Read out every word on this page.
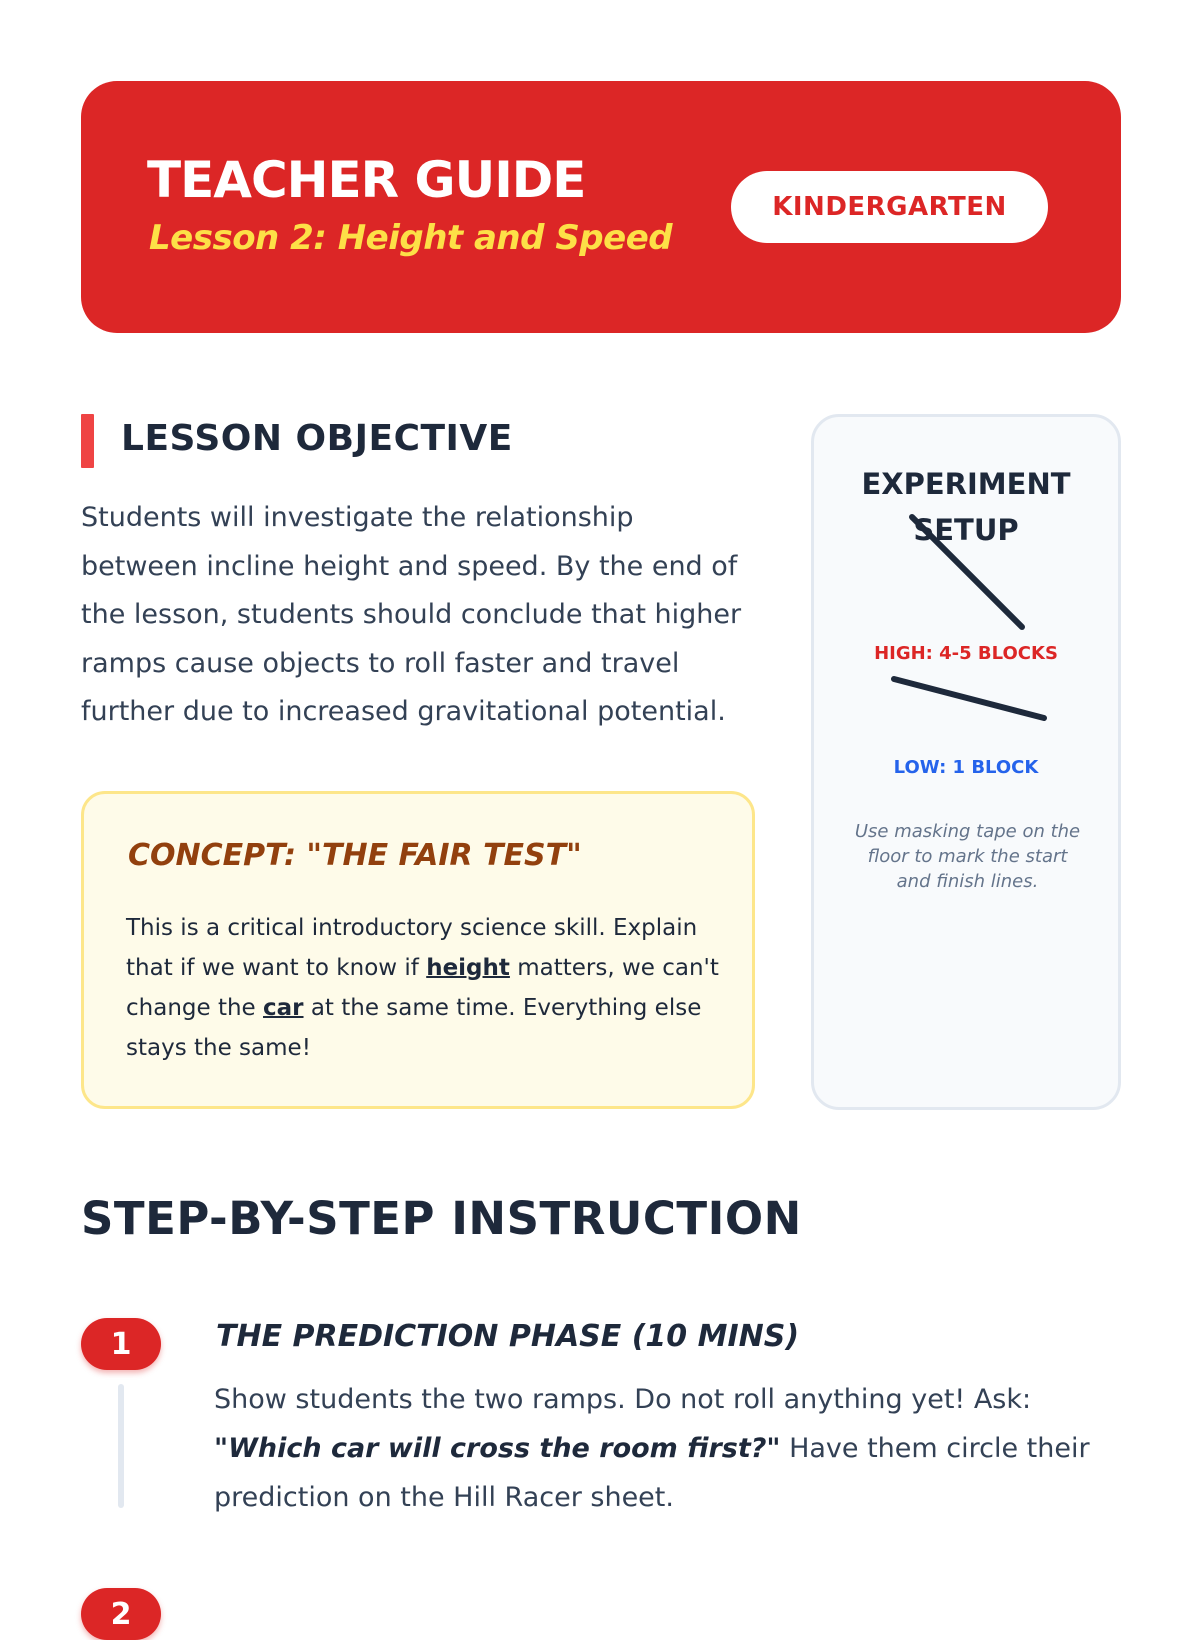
TEACHER GUIDE
Lesson 2: Height and Speed
KINDERGARTEN
LESSON OBJECTIVE
Students will investigate the relationship between incline height and speed. By the end of the lesson, students should conclude that higher ramps cause objects to roll faster and travel further due to increased gravitational potential.
CONCEPT: "THE FAIR TEST"
This is a critical introductory science skill. Explain that if we want to know if height matters, we can't change the car at the same time. Everything else stays the same!
EXPERIMENT SETUP
HIGH: 4-5 BLOCKS
LOW: 1 BLOCK
Use masking tape on the floor to mark the start and finish lines.
STEP-BY-STEP INSTRUCTION
1	THE PREDICTION PHASE (10 MINS)
Show students the two ramps. Do not roll anything yet! Ask: "Which car will cross the room first?" Have them circle their prediction on the Hill Racer sheet.
2
